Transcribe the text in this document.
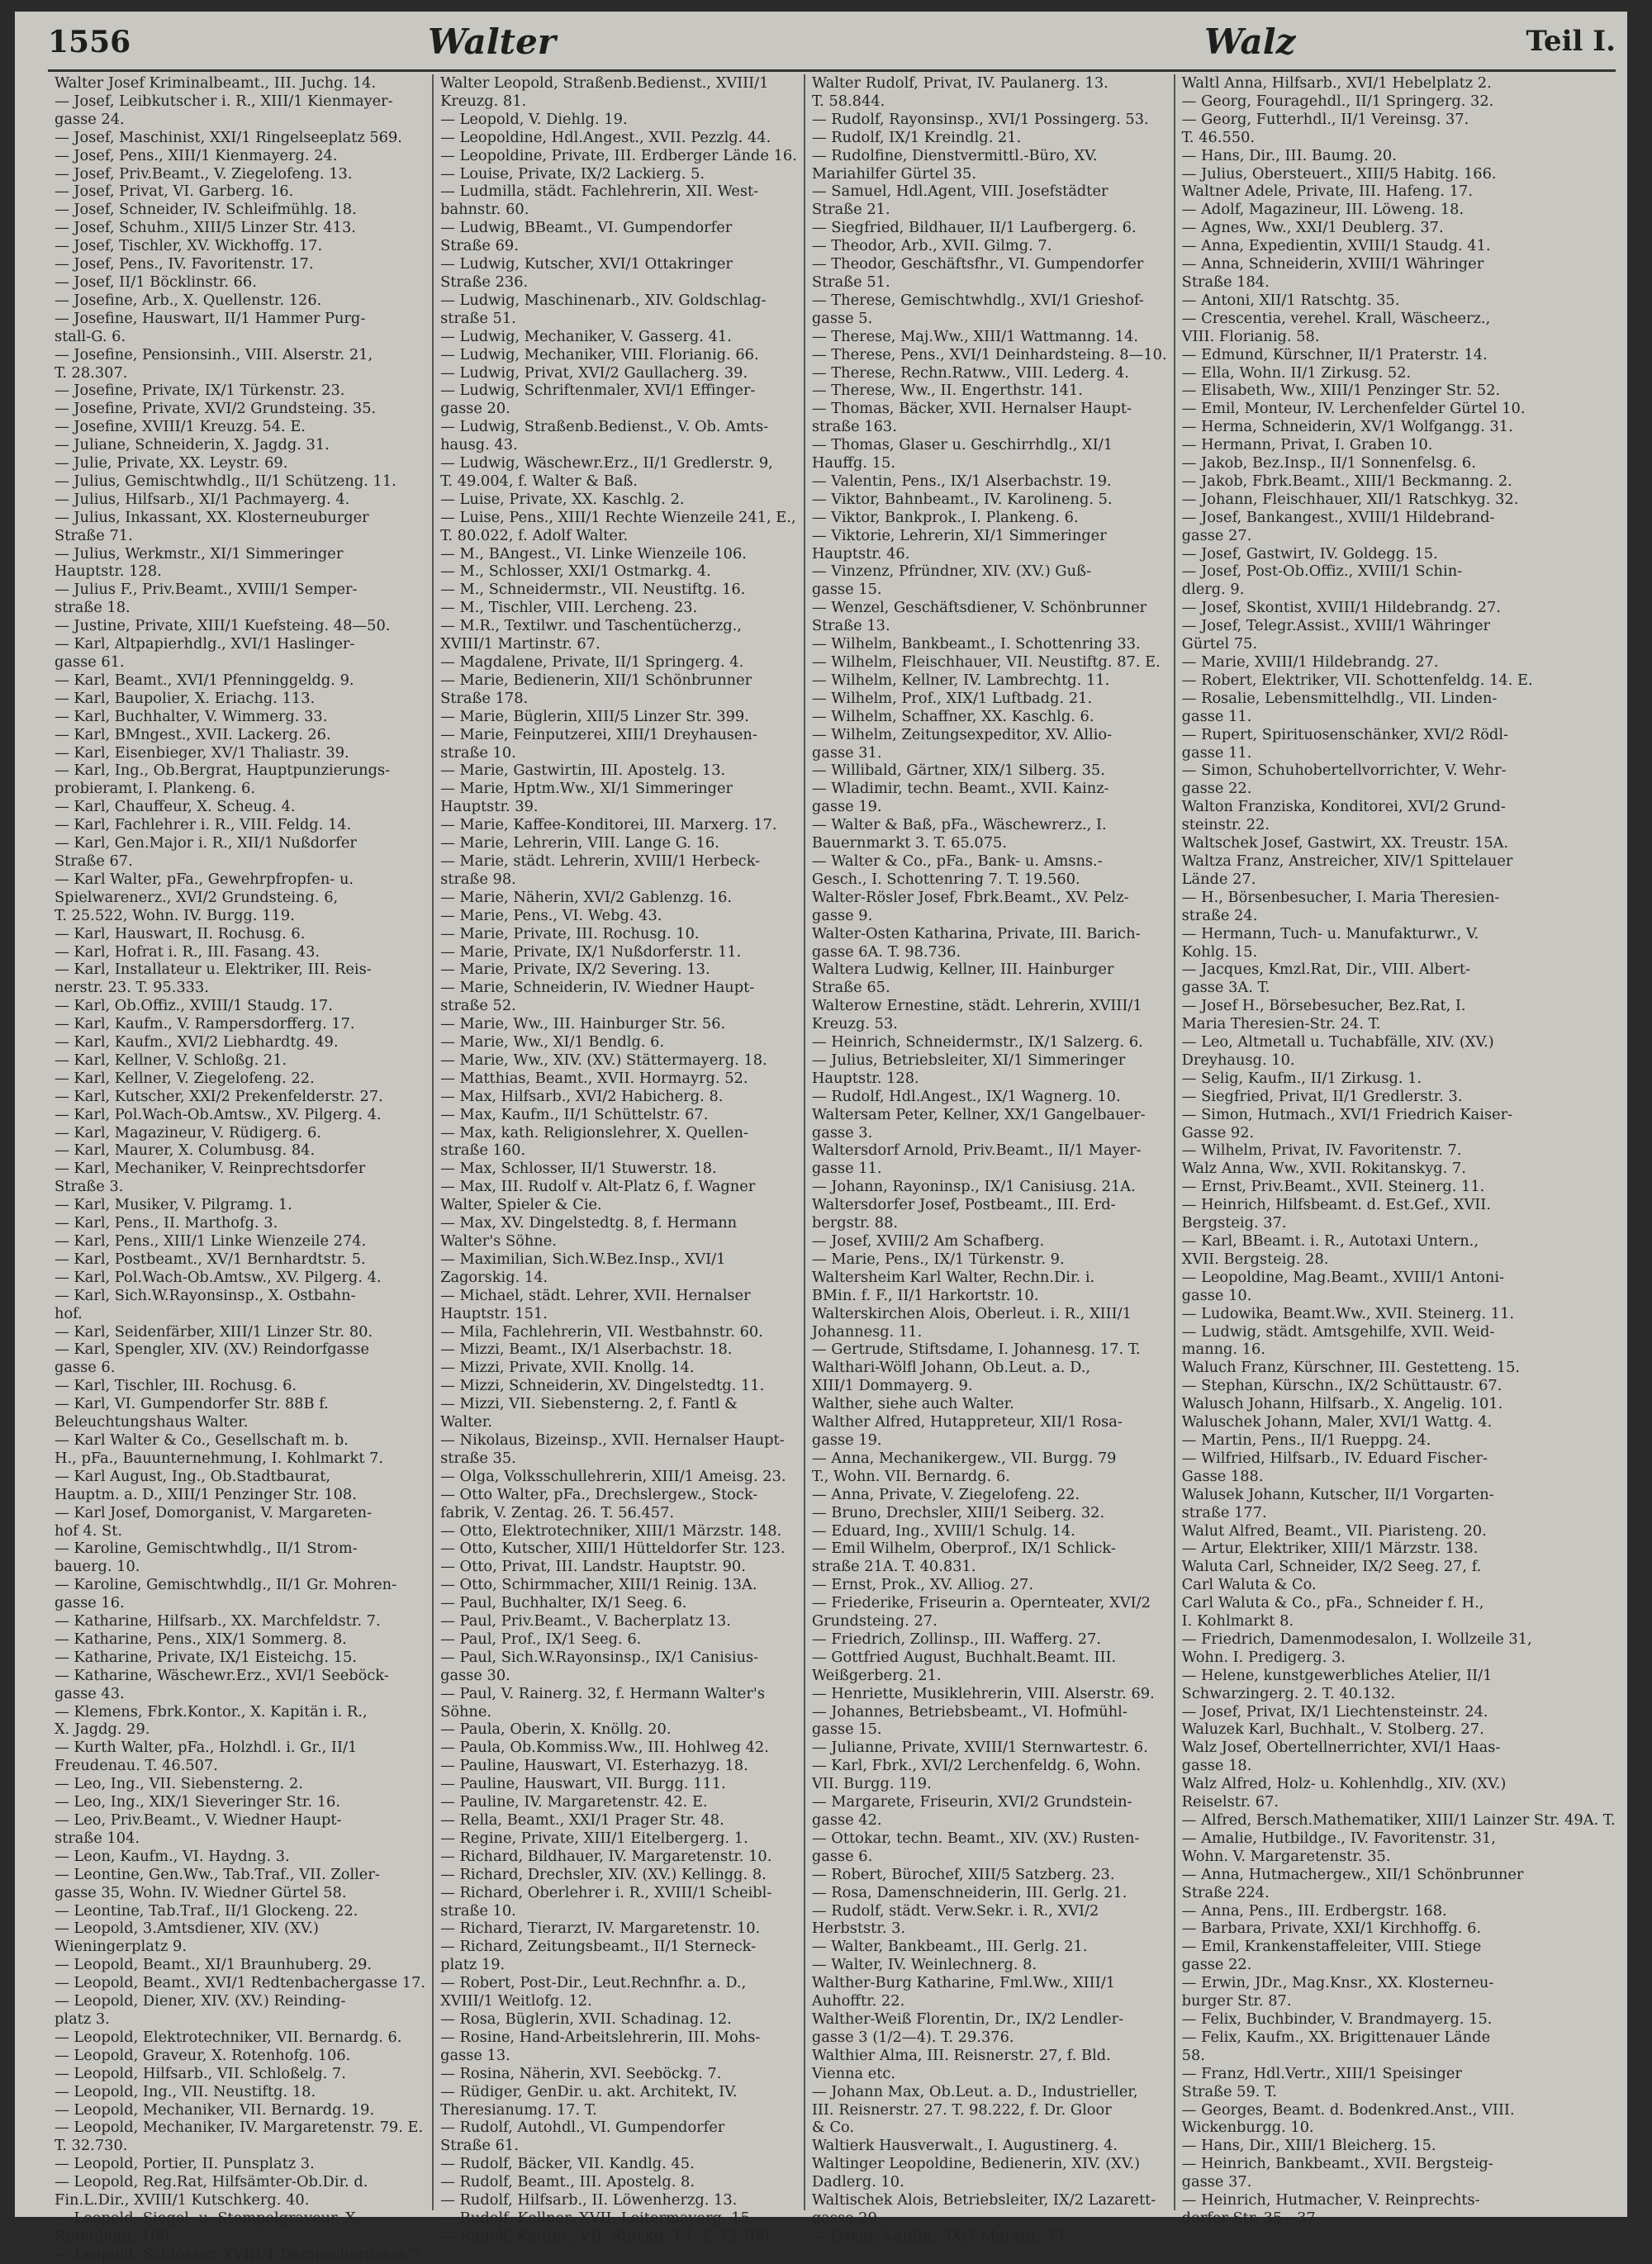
1556	Walter	Walz	Teil I.
Walter Josef Kriminalbeamt., III. Juchg. 14.
— Josef, Leibkutscher i. R., XIII/1 Kienmayer-
gasse 24.
— Josef, Maschinist, XXI/1 Ringelseeplatz 569.
— Josef, Pens., XIII/1 Kienmayerg. 24.
— Josef, Priv.Beamt., V. Ziegelofeng. 13.
— Josef, Privat, VI. Garberg. 16.
— Josef, Schneider, IV. Schleifmühlg. 18.
— Josef, Schuhm., XIII/5 Linzer Str. 413.
— Josef, Tischler, XV. Wickhoffg. 17.
— Josef, Pens., IV. Favoritenstr. 17.
— Josef, II/1 Böcklinstr. 66.
— Josefine, Arb., X. Quellenstr. 126.
— Josefine, Hauswart, II/1 Hammer Purg-
stall-G. 6.
— Josefine, Pensionsinh., VIII. Alserstr. 21,
T. 28.307.
— Josefine, Private, IX/1 Türkenstr. 23.
— Josefine, Private, XVI/2 Grundsteing. 35.
— Josefine, XVIII/1 Kreuzg. 54. E.
— Juliane, Schneiderin, X. Jagdg. 31.
— Julie, Private, XX. Leystr. 69.
— Julius, Gemischtwhdlg., II/1 Schützeng. 11.
— Julius, Hilfsarb., XI/1 Pachmayerg. 4.
— Julius, Inkassant, XX. Klosterneuburger
Straße 71.
— Julius, Werkmstr., XI/1 Simmeringer
Hauptstr. 128.
— Julius F., Priv.Beamt., XVIII/1 Semper-
straße 18.
— Justine, Private, XIII/1 Kuefsteing. 48—50.
— Karl, Altpapierhdlg., XVI/1 Haslinger-
gasse 61.
— Karl, Beamt., XVI/1 Pfenninggeldg. 9.
— Karl, Baupolier, X. Eriachg. 113.
— Karl, Buchhalter, V. Wimmerg. 33.
— Karl, BMngest., XVII. Lackerg. 26.
— Karl, Eisenbieger, XV/1 Thaliastr. 39.
— Karl, Ing., Ob.Bergrat, Hauptpunzierungs-
probieramt, I. Plankeng. 6.
— Karl, Chauffeur, X. Scheug. 4.
— Karl, Fachlehrer i. R., VIII. Feldg. 14.
— Karl, Gen.Major i. R., XII/1 Nußdorfer
Straße 67.
— Karl Walter, pFa., Gewehrpfropfen- u.
Spielwarenerz., XVI/2 Grundsteing. 6,
T. 25.522, Wohn. IV. Burgg. 119.
— Karl, Hauswart, II. Rochusg. 6.
— Karl, Hofrat i. R., III. Fasang. 43.
— Karl, Installateur u. Elektriker, III. Reis-
nerstr. 23. T. 95.333.
— Karl, Ob.Offiz., XVIII/1 Staudg. 17.
— Karl, Kaufm., V. Rampersdorfferg. 17.
— Karl, Kaufm., XVI/2 Liebhardtg. 49.
— Karl, Kellner, V. Schloßg. 21.
— Karl, Kellner, V. Ziegelofeng. 22.
— Karl, Kutscher, XXI/2 Prekenfelderstr. 27.
— Karl, Pol.Wach-Ob.Amtsw., XV. Pilgerg. 4.
— Karl, Magazineur, V. Rüdigerg. 6.
— Karl, Maurer, X. Columbusg. 84.
— Karl, Mechaniker, V. Reinprechtsdorfer
Straße 3.
— Karl, Musiker, V. Pilgramg. 1.
— Karl, Pens., II. Marthofg. 3.
— Karl, Pens., XIII/1 Linke Wienzeile 274.
— Karl, Postbeamt., XV/1 Bernhardtstr. 5.
— Karl, Pol.Wach-Ob.Amtsw., XV. Pilgerg. 4.
— Karl, Sich.W.Rayonsinsp., X. Ostbahn-
hof.
— Karl, Seidenfärber, XIII/1 Linzer Str. 80.
— Karl, Spengler, XIV. (XV.) Reindorfgasse
gasse 6.
— Karl, Tischler, III. Rochusg. 6.
— Karl, VI. Gumpendorfer Str. 88B f.
Beleuchtungshaus Walter.
— Karl Walter & Co., Gesellschaft m. b.
H., pFa., Bauunternehmung, I. Kohlmarkt 7.
— Karl August, Ing., Ob.Stadtbaurat,
Hauptm. a. D., XIII/1 Penzinger Str. 108.
— Karl Josef, Domorganist, V. Margareten-
hof 4. St.
— Karoline, Gemischtwhdlg., II/1 Strom-
bauerg. 10.
— Karoline, Gemischtwhdlg., II/1 Gr. Mohren-
gasse 16.
— Katharine, Hilfsarb., XX. Marchfeldstr. 7.
— Katharine, Pens., XIX/1 Sommerg. 8.
— Katharine, Private, IX/1 Eisteichg. 15.
— Katharine, Wäschewr.Erz., XVI/1 Seeböck-
gasse 43.
— Klemens, Fbrk.Kontor., X. Kapitän i. R.,
X. Jagdg. 29.
— Kurth Walter, pFa., Holzhdl. i. Gr., II/1
Freudenau. T. 46.507.
— Leo, Ing., VII. Siebensterng. 2.
— Leo, Ing., XIX/1 Sieveringer Str. 16.
— Leo, Priv.Beamt., V. Wiedner Haupt-
straße 104.
— Leon, Kaufm., VI. Haydng. 3.
— Leontine, Gen.Ww., Tab.Traf., VII. Zoller-
gasse 35, Wohn. IV. Wiedner Gürtel 58.
— Leontine, Tab.Traf., II/1 Glockeng. 22.
— Leopold, 3.Amtsdiener, XIV. (XV.)
Wieningerplatz 9.
— Leopold, Beamt., XI/1 Braunhuberg. 29.
— Leopold, Beamt., XVI/1 Redtenbachergasse 17.
— Leopold, Diener, XIV. (XV.) Reinding-
platz 3.
— Leopold, Elektrotechniker, VII. Bernardg. 6.
— Leopold, Graveur, X. Rotenhofg. 106.
— Leopold, Hilfsarb., VII. Schloßelg. 7.
— Leopold, Ing., VII. Neustiftg. 18.
— Leopold, Mechaniker, VII. Bernardg. 19.
— Leopold, Mechaniker, IV. Margaretenstr. 79. E.
T. 32.730.
— Leopold, Portier, II. Punsplatz 3.
— Leopold, Reg.Rat, Hilfsämter-Ob.Dir. d.
Fin.L.Dir., XVIII/1 Kutschkerg. 40.
— Leopold, Siegel- u. Stempelgraveur, X.
Rotenhofg. 106.
— Leopold, Schlosser, XVIII/1 Dempschergasse 7.
Walter Leopold, Straßenb.Bedienst., XVIII/1
Kreuzg. 81.
— Leopold, V. Diehlg. 19.
— Leopoldine, Hdl.Angest., XVII. Pezzlg. 44.
— Leopoldine, Private, III. Erdberger Lände 16.
— Louise, Private, IX/2 Lackierg. 5.
— Ludmilla, städt. Fachlehrerin, XII. West-
bahnstr. 60.
— Ludwig, BBeamt., VI. Gumpendorfer
Straße 69.
— Ludwig, Kutscher, XVI/1 Ottakringer
Straße 236.
— Ludwig, Maschinenarb., XIV. Goldschlag-
straße 51.
— Ludwig, Mechaniker, V. Gasserg. 41.
— Ludwig, Mechaniker, VIII. Florianig. 66.
— Ludwig, Privat, XVI/2 Gaullacherg. 39.
— Ludwig, Schriftenmaler, XVI/1 Effinger-
gasse 20.
— Ludwig, Straßenb.Bedienst., V. Ob. Amts-
hausg. 43.
— Ludwig, Wäschewr.Erz., II/1 Gredlerstr. 9,
T. 49.004, f. Walter & Baß.
— Luise, Private, XX. Kaschlg. 2.
— Luise, Pens., XIII/1 Rechte Wienzeile 241, E.,
T. 80.022, f. Adolf Walter.
— M., BAngest., VI. Linke Wienzeile 106.
— M., Schlosser, XXI/1 Ostmarkg. 4.
— M., Schneidermstr., VII. Neustiftg. 16.
— M., Tischler, VIII. Lercheng. 23.
— M.R., Textilwr. und Taschentücherzg.,
XVIII/1 Martinstr. 67.
— Magdalene, Private, II/1 Springerg. 4.
— Marie, Bedienerin, XII/1 Schönbrunner
Straße 178.
— Marie, Büglerin, XIII/5 Linzer Str. 399.
— Marie, Feinputzerei, XIII/1 Dreyhausen-
straße 10.
— Marie, Gastwirtin, III. Apostelg. 13.
— Marie, Hptm.Ww., XI/1 Simmeringer
Hauptstr. 39.
— Marie, Kaffee-Konditorei, III. Marxerg. 17.
— Marie, Lehrerin, VIII. Lange G. 16.
— Marie, städt. Lehrerin, XVIII/1 Herbeck-
straße 98.
— Marie, Näherin, XVI/2 Gablenzg. 16.
— Marie, Pens., VI. Webg. 43.
— Marie, Private, III. Rochusg. 10.
— Marie, Private, IX/1 Nußdorferstr. 11.
— Marie, Private, IX/2 Severing. 13.
— Marie, Schneiderin, IV. Wiedner Haupt-
straße 52.
— Marie, Ww., III. Hainburger Str. 56.
— Marie, Ww., XI/1 Bendlg. 6.
— Marie, Ww., XIV. (XV.) Stättermayerg. 18.
— Matthias, Beamt., XVII. Hormayrg. 52.
— Max, Hilfsarb., XVI/2 Habicherg. 8.
— Max, Kaufm., II/1 Schüttelstr. 67.
— Max, kath. Religionslehrer, X. Quellen-
straße 160.
— Max, Schlosser, II/1 Stuwerstr. 18.
— Max, III. Rudolf v. Alt-Platz 6, f. Wagner
Walter, Spieler & Cie.
— Max, XV. Dingelstedtg. 8, f. Hermann
Walter's Söhne.
— Maximilian, Sich.W.Bez.Insp., XVI/1
Zagorskig. 14.
— Michael, städt. Lehrer, XVII. Hernalser
Hauptstr. 151.
— Mila, Fachlehrerin, VII. Westbahnstr. 60.
— Mizzi, Beamt., IX/1 Alserbachstr. 18.
— Mizzi, Private, XVII. Knollg. 14.
— Mizzi, Schneiderin, XV. Dingelstedtg. 11.
— Mizzi, VII. Siebensterng. 2, f. Fantl &
Walter.
— Nikolaus, Bizeinsp., XVII. Hernalser Haupt-
straße 35.
— Olga, Volksschullehrerin, XIII/1 Ameisg. 23.
— Otto Walter, pFa., Drechslergew., Stock-
fabrik, V. Zentag. 26. T. 56.457.
— Otto, Elektrotechniker, XIII/1 Märzstr. 148.
— Otto, Kutscher, XIII/1 Hütteldorfer Str. 123.
— Otto, Privat, III. Landstr. Hauptstr. 90.
— Otto, Schirmmacher, XIII/1 Reinig. 13A.
— Paul, Buchhalter, IX/1 Seeg. 6.
— Paul, Priv.Beamt., V. Bacherplatz 13.
— Paul, Prof., IX/1 Seeg. 6.
— Paul, Sich.W.Rayonsinsp., IX/1 Canisius-
gasse 30.
— Paul, V. Rainerg. 32, f. Hermann Walter's
Söhne.
— Paula, Oberin, X. Knöllg. 20.
— Paula, Ob.Kommiss.Ww., III. Hohlweg 42.
— Pauline, Hauswart, VI. Esterhazyg. 18.
— Pauline, Hauswart, VII. Burgg. 111.
— Pauline, IV. Margaretenstr. 42. E.
— Rella, Beamt., XXI/1 Prager Str. 48.
— Regine, Private, XIII/1 Eitelbergerg. 1.
— Richard, Bildhauer, IV. Margaretenstr. 10.
— Richard, Drechsler, XIV. (XV.) Kellingg. 8.
— Richard, Oberlehrer i. R., XVIII/1 Scheibl-
straße 10.
— Richard, Tierarzt, IV. Margaretenstr. 10.
— Richard, Zeitungsbeamt., II/1 Sterneck-
platz 19.
— Robert, Post-Dir., Leut.Rechnfhr. a. D.,
XVIII/1 Weitlofg. 12.
— Rosa, Büglerin, XVII. Schadinag. 12.
— Rosine, Hand-Arbeitslehrerin, III. Mohs-
gasse 13.
— Rosina, Näherin, XVI. Seeböckg. 7.
— Rüdiger, GenDir. u. akt. Architekt, IV.
Theresianumg. 17. T.
— Rudolf, Autohdl., VI. Gumpendorfer
Straße 61.
— Rudolf, Bäcker, VII. Kandlg. 45.
— Rudolf, Beamt., III. Apostelg. 8.
— Rudolf, Hilfsarb., II. Löwenherzg. 13.
— Rudolf, Kellner, XVII. Leitermayerg. 15.
— Rudolf, Kaufm., VII. Stuckg. 13. T. 33.706.
Walter Rudolf, Privat, IV. Paulanerg. 13.
T. 58.844.
— Rudolf, Rayonsinsp., XVI/1 Possingerg. 53.
— Rudolf, IX/1 Kreindlg. 21.
— Rudolfine, Dienstvermittl.-Büro, XV.
Mariahilfer Gürtel 35.
— Samuel, Hdl.Agent, VIII. Josefstädter
Straße 21.
— Siegfried, Bildhauer, II/1 Laufbergerg. 6.
— Theodor, Arb., XVII. Gilmg. 7.
— Theodor, Geschäftsfhr., VI. Gumpendorfer
Straße 51.
— Therese, Gemischtwhdlg., XVI/1 Grieshof-
gasse 5.
— Therese, Maj.Ww., XIII/1 Wattmanng. 14.
— Therese, Pens., XVI/1 Deinhardsteing. 8—10.
— Therese, Rechn.Ratww., VIII. Lederg. 4.
— Therese, Ww., II. Engerthstr. 141.
— Thomas, Bäcker, XVII. Hernalser Haupt-
straße 163.
— Thomas, Glaser u. Geschirrhdlg., XI/1
Hauffg. 15.
— Valentin, Pens., IX/1 Alserbachstr. 19.
— Viktor, Bahnbeamt., IV. Karolineng. 5.
— Viktor, Bankprok., I. Plankeng. 6.
— Viktorie, Lehrerin, XI/1 Simmeringer
Hauptstr. 46.
— Vinzenz, Pfründner, XIV. (XV.) Guß-
gasse 15.
— Wenzel, Geschäftsdiener, V. Schönbrunner
Straße 13.
— Wilhelm, Bankbeamt., I. Schottenring 33.
— Wilhelm, Fleischhauer, VII. Neustiftg. 87. E.
— Wilhelm, Kellner, IV. Lambrechtg. 11.
— Wilhelm, Prof., XIX/1 Luftbadg. 21.
— Wilhelm, Schaffner, XX. Kaschlg. 6.
— Wilhelm, Zeitungsexpeditor, XV. Allio-
gasse 31.
— Willibald, Gärtner, XIX/1 Silberg. 35.
— Wladimir, techn. Beamt., XVII. Kainz-
gasse 19.
— Walter & Baß, pFa., Wäschewrerz., I.
Bauernmarkt 3. T. 65.075.
— Walter & Co., pFa., Bank- u. Amsns.-
Gesch., I. Schottenring 7. T. 19.560.
Walter-Rösler Josef, Fbrk.Beamt., XV. Pelz-
gasse 9.
Walter-Osten Katharina, Private, III. Barich-
gasse 6A. T. 98.736.
Waltera Ludwig, Kellner, III. Hainburger
Straße 65.
Walterow Ernestine, städt. Lehrerin, XVIII/1
Kreuzg. 53.
— Heinrich, Schneidermstr., IX/1 Salzerg. 6.
— Julius, Betriebsleiter, XI/1 Simmeringer
Hauptstr. 128.
— Rudolf, Hdl.Angest., IX/1 Wagnerg. 10.
Waltersam Peter, Kellner, XX/1 Gangelbauer-
gasse 3.
Waltersdorf Arnold, Priv.Beamt., II/1 Mayer-
gasse 11.
— Johann, Rayoninsp., IX/1 Canisiusg. 21A.
Waltersdorfer Josef, Postbeamt., III. Erd-
bergstr. 88.
— Josef, XVIII/2 Am Schafberg.
— Marie, Pens., IX/1 Türkenstr. 9.
Waltersheim Karl Walter, Rechn.Dir. i.
BMin. f. F., II/1 Harkortstr. 10.
Walterskirchen Alois, Oberleut. i. R., XIII/1
Johannesg. 11.
— Gertrude, Stiftsdame, I. Johannesg. 17. T.
Walthari-Wölfl Johann, Ob.Leut. a. D.,
XIII/1 Dommayerg. 9.
Walther, siehe auch Walter.
Walther Alfred, Hutappreteur, XII/1 Rosa-
gasse 19.
— Anna, Mechanikergew., VII. Burgg. 79
T., Wohn. VII. Bernardg. 6.
— Anna, Private, V. Ziegelofeng. 22.
— Bruno, Drechsler, XIII/1 Seiberg. 32.
— Eduard, Ing., XVIII/1 Schulg. 14.
— Emil Wilhelm, Oberprof., IX/1 Schlick-
straße 21A. T. 40.831.
— Ernst, Prok., XV. Alliog. 27.
— Friederike, Friseurin a. Opernteater, XVI/2
Grundsteing. 27.
— Friedrich, Zollinsp., III. Wafferg. 27.
— Gottfried August, Buchhalt.Beamt. III.
Weißgerberg. 21.
— Henriette, Musiklehrerin, VIII. Alserstr. 69.
— Johannes, Betriebsbeamt., VI. Hofmühl-
gasse 15.
— Julianne, Private, XVIII/1 Sternwartestr. 6.
— Karl, Fbrk., XVI/2 Lerchenfeldg. 6, Wohn.
VII. Burgg. 119.
— Margarete, Friseurin, XVI/2 Grundstein-
gasse 42.
— Ottokar, techn. Beamt., XIV. (XV.) Rusten-
gasse 6.
— Robert, Bürochef, XIII/5 Satzberg. 23.
— Rosa, Damenschneiderin, III. Gerlg. 21.
— Rudolf, städt. Verw.Sekr. i. R., XVI/2
Herbststr. 3.
— Walter, Bankbeamt., III. Gerlg. 21.
— Walter, IV. Weinlechnerg. 8.
Walther-Burg Katharine, Fml.Ww., XIII/1
Auhofftr. 22.
Walther-Weiß Florentin, Dr., IX/2 Lendler-
gasse 3 (1/2—4). T. 29.376.
Walthier Alma, III. Reisnerstr. 27, f. Bld.
Vienna etc.
— Johann Max, Ob.Leut. a. D., Industrieller,
III. Reisnerstr. 27. T. 98.222, f. Dr. Gloor
& Co.
Waltierk Hausverwalt., I. Augustinerg. 4.
Waltinger Leopoldine, Bedienerin, XIV. (XV.)
Dadlerg. 10.
Waltischek Alois, Betriebsleiter, IX/2 Lazarett-
gasse 29.
— Oskar, Kaufm., IX/1 Marktg. 33.
Waltl Anna, Hilfsarb., XVI/1 Hebelplatz 2.
— Georg, Fouragehdl., II/1 Springerg. 32.
— Georg, Futterhdl., II/1 Vereinsg. 37.
T. 46.550.
— Hans, Dir., III. Baumg. 20.
— Julius, Obersteuert., XIII/5 Habitg. 166.
Waltner Adele, Private, III. Hafeng. 17.
— Adolf, Magazineur, III. Löweng. 18.
— Agnes, Ww., XXI/1 Deublerg. 37.
— Anna, Expedientin, XVIII/1 Staudg. 41.
— Anna, Schneiderin, XVIII/1 Währinger
Straße 184.
— Antoni, XII/1 Ratschtg. 35.
— Crescentia, verehel. Krall, Wäscheerz.,
VIII. Florianig. 58.
— Edmund, Kürschner, II/1 Praterstr. 14.
— Ella, Wohn. II/1 Zirkusg. 52.
— Elisabeth, Ww., XIII/1 Penzinger Str. 52.
— Emil, Monteur, IV. Lerchenfelder Gürtel 10.
— Herma, Schneiderin, XV/1 Wolfgangg. 31.
— Hermann, Privat, I. Graben 10.
— Jakob, Bez.Insp., II/1 Sonnenfelsg. 6.
— Jakob, Fbrk.Beamt., XIII/1 Beckmanng. 2.
— Johann, Fleischhauer, XII/1 Ratschkyg. 32.
— Josef, Bankangest., XVIII/1 Hildebrand-
gasse 27.
— Josef, Gastwirt, IV. Goldegg. 15.
— Josef, Post-Ob.Offiz., XVIII/1 Schin-
dlerg. 9.
— Josef, Skontist, XVIII/1 Hildebrandg. 27.
— Josef, Telegr.Assist., XVIII/1 Währinger
Gürtel 75.
— Marie, XVIII/1 Hildebrandg. 27.
— Robert, Elektriker, VII. Schottenfeldg. 14. E.
— Rosalie, Lebensmittelhdlg., VII. Linden-
gasse 11.
— Rupert, Spirituosenschänker, XVI/2 Rödl-
gasse 11.
— Simon, Schuhobertellvorrichter, V. Wehr-
gasse 22.
Walton Franziska, Konditorei, XVI/2 Grund-
steinstr. 22.
Waltschek Josef, Gastwirt, XX. Treustr. 15A.
Waltza Franz, Anstreicher, XIV/1 Spittelauer
Lände 27.
— H., Börsenbesucher, I. Maria Theresien-
straße 24.
— Hermann, Tuch- u. Manufakturwr., V.
Kohlg. 15.
— Jacques, Kmzl.Rat, Dir., VIII. Albert-
gasse 3A. T.
— Josef H., Börsebesucher, Bez.Rat, I.
Maria Theresien-Str. 24. T.
— Leo, Altmetall u. Tuchabfälle, XIV. (XV.)
Dreyhausg. 10.
— Selig, Kaufm., II/1 Zirkusg. 1.
— Siegfried, Privat, II/1 Gredlerstr. 3.
— Simon, Hutmach., XVI/1 Friedrich Kaiser-
Gasse 92.
— Wilhelm, Privat, IV. Favoritenstr. 7.
Walz Anna, Ww., XVII. Rokitanskyg. 7.
— Ernst, Priv.Beamt., XVII. Steinerg. 11.
— Heinrich, Hilfsbeamt. d. Est.Gef., XVII.
Bergsteig. 37.
— Karl, BBeamt. i. R., Autotaxi Untern.,
XVII. Bergsteig. 28.
— Leopoldine, Mag.Beamt., XVIII/1 Antoni-
gasse 10.
— Ludowika, Beamt.Ww., XVII. Steinerg. 11.
— Ludwig, städt. Amtsgehilfe, XVII. Weid-
manng. 16.
Waluch Franz, Kürschner, III. Gestetteng. 15.
— Stephan, Kürschn., IX/2 Schüttaustr. 67.
Walusch Johann, Hilfsarb., X. Angelig. 101.
Waluschek Johann, Maler, XVI/1 Wattg. 4.
— Martin, Pens., II/1 Rueppg. 24.
— Wilfried, Hilfsarb., IV. Eduard Fischer-
Gasse 188.
Walusek Johann, Kutscher, II/1 Vorgarten-
straße 177.
Walut Alfred, Beamt., VII. Piaristeng. 20.
— Artur, Elektriker, XIII/1 Märzstr. 138.
Waluta Carl, Schneider, IX/2 Seeg. 27, f.
Carl Waluta & Co.
Carl Waluta & Co., pFa., Schneider f. H.,
I. Kohlmarkt 8.
— Friedrich, Damenmodesalon, I. Wollzeile 31,
Wohn. I. Predigerg. 3.
— Helene, kunstgewerbliches Atelier, II/1
Schwarzingerg. 2. T. 40.132.
— Josef, Privat, IX/1 Liechtensteinstr. 24.
Waluzek Karl, Buchhalt., V. Stolberg. 27.
Walz Josef, Obertellnerrichter, XVI/1 Haas-
gasse 18.
Walz Alfred, Holz- u. Kohlenhdlg., XIV. (XV.)
Reiselstr. 67.
— Alfred, Bersch.Mathematiker, XIII/1 Lainzer Str. 49A. T.
— Amalie, Hutbildge., IV. Favoritenstr. 31,
Wohn. V. Margaretenstr. 35.
— Anna, Hutmachergew., XII/1 Schönbrunner
Straße 224.
— Anna, Pens., III. Erdbergstr. 168.
— Barbara, Private, XXI/1 Kirchhoffg. 6.
— Emil, Krankenstaffeleiter, VIII. Stiege
gasse 22.
— Erwin, JDr., Mag.Knsr., XX. Klosterneu-
burger Str. 87.
— Felix, Buchbinder, V. Brandmayerg. 15.
— Felix, Kaufm., XX. Brigittenauer Lände
58.
— Franz, Hdl.Vertr., XIII/1 Speisinger
Straße 59. T.
— Georges, Beamt. d. Bodenkred.Anst., VIII.
Wickenburgg. 10.
— Hans, Dir., XIII/1 Bleicherg. 15.
— Heinrich, Bankbeamt., XVII. Bergsteig-
gasse 37.
— Heinrich, Hutmacher, V. Reinprechts-
dorfer Str. 35—37.
